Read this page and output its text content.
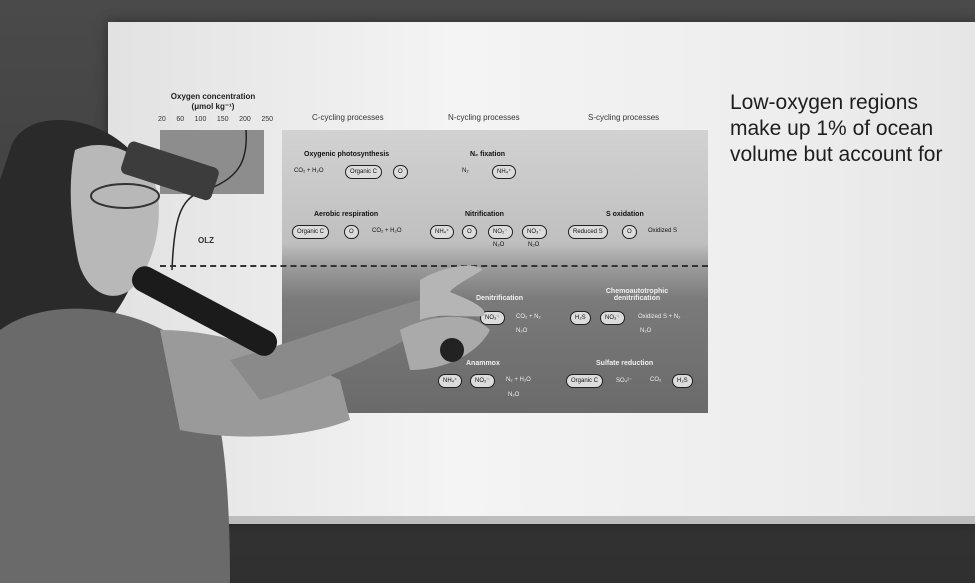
Low-oxygen regions
make up 1% of ocean
volume but account for
Oxygen concentration
(μmol kg⁻¹)
20 60 100 150 200 250
OLZ
C-cycling processes	N-cycling processes	S-cycling processes
Oxygenic photosynthesis
CO₂ + H₂O	Organic C	O
N₂ fixation
N₂	NH₄⁺
Aerobic respiration
Organic C	O	CO₂ + H₂O
Nitrification
NH₄⁺	O	NO₂⁻	NO₃⁻
N₂O	N₂O
S oxidation
Reduced S	O	Oxidized S
Denitrification
NO₃⁻	CO₂ + N₂
N₂O
Chemoautotrophic denitrification
H₂S	NO₃⁻	Oxidized S + N₂
N₂O
Anammox
NH₄⁺	NO₂⁻	N₂ + H₂O
N₂O
Sulfate reduction
Organic C	SO₄²⁻	CO₂	H₂S
